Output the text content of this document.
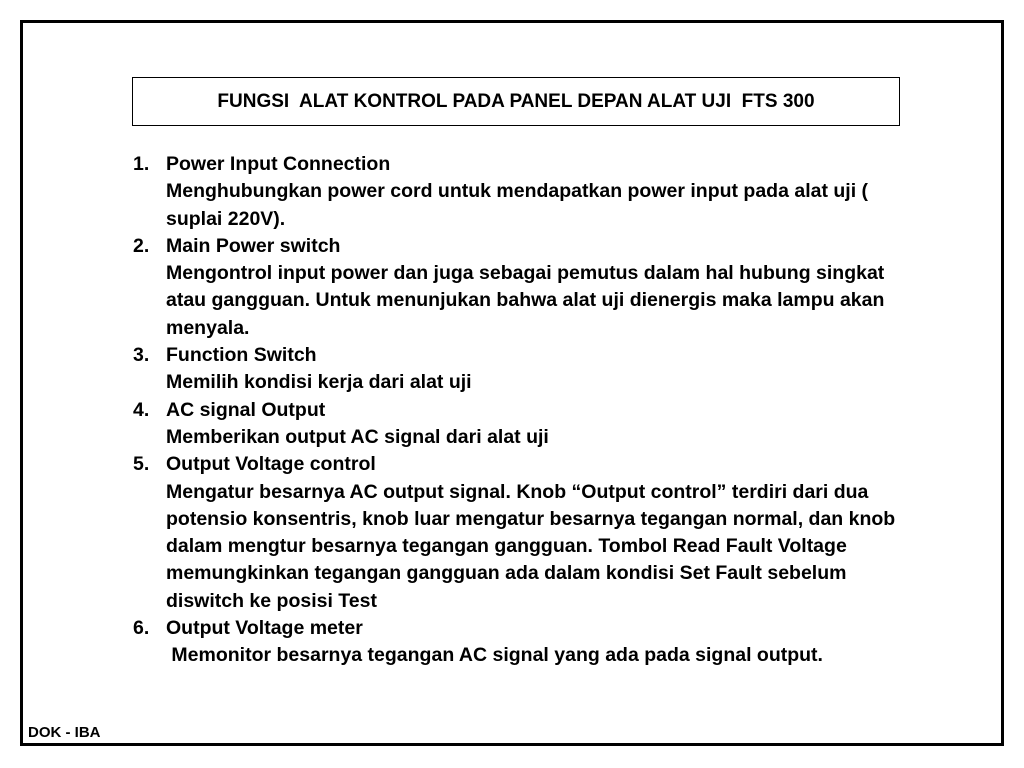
FUNGSI  ALAT KONTROL PADA PANEL DEPAN ALAT UJI  FTS 300
1. Power Input Connection
Menghubungkan power cord untuk mendapatkan power input pada alat uji ( suplai 220V).
2. Main Power switch
Mengontrol input power dan juga sebagai pemutus dalam hal hubung singkat atau gangguan. Untuk menunjukan bahwa alat uji dienergis maka lampu akan menyala.
3. Function Switch
Memilih kondisi kerja dari alat uji
4. AC signal Output
Memberikan output AC signal dari alat uji
5. Output Voltage control
Mengatur besarnya AC output signal. Knob “Output control” terdiri dari dua potensio konsentris, knob luar mengatur besarnya tegangan normal, dan knob dalam mengtur besarnya tegangan gangguan. Tombol Read Fault Voltage memungkinkan tegangan gangguan ada dalam kondisi Set Fault sebelum diswitch ke posisi Test
6. Output Voltage meter
Memonitor besarnya tegangan AC signal yang ada pada signal output.
DOK - IBA
